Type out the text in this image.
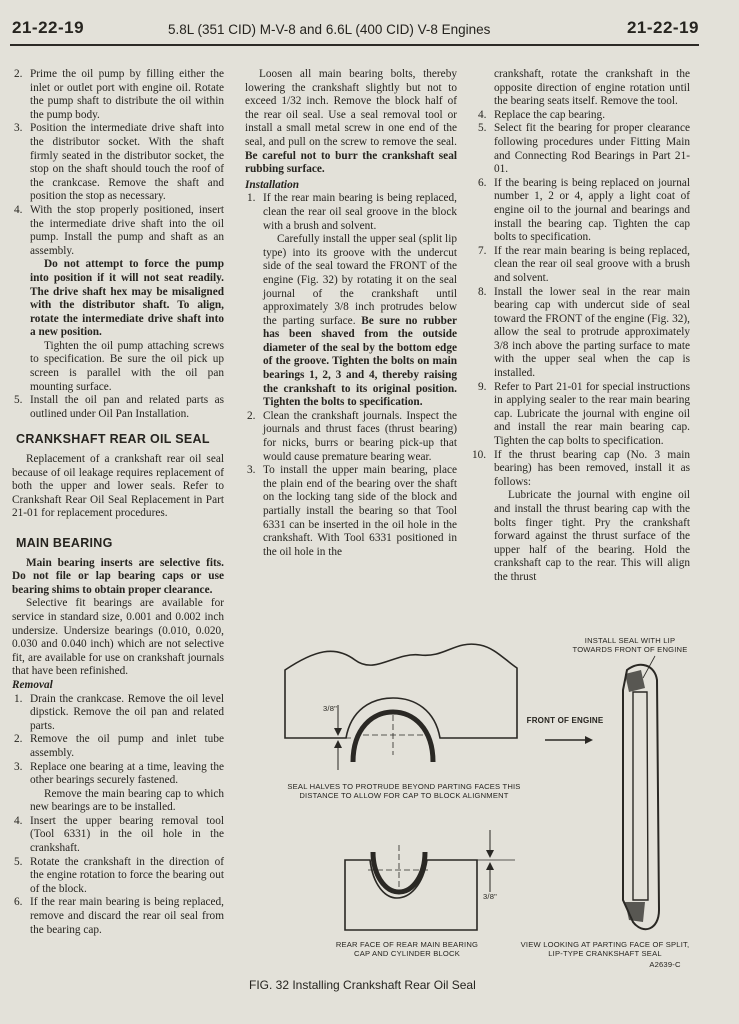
21-22-19	5.8L (351 CID) M-V-8 and 6.6L (400 CID) V-8 Engines	21-22-19
2. Prime the oil pump by filling either the inlet or outlet port with engine oil. Rotate the pump shaft to distribute the oil within the pump body.
3. Position the intermediate drive shaft into the distributor socket. With the shaft firmly seated in the distributor socket, the stop on the shaft should touch the roof of the crankcase. Remove the shaft and position the stop as necessary.
4. With the stop properly positioned, insert the intermediate drive shaft into the oil pump. Install the pump and shaft as an assembly.

Do not attempt to force the pump into position if it will not seat readily. The drive shaft hex may be misaligned with the distributor shaft. To align, rotate the intermediate drive shaft into a new position.

Tighten the oil pump attaching screws to specification. Be sure the oil pick up screen is parallel with the oil pan mounting surface.

5. Install the oil pan and related parts as outlined under Oil Pan Installation.
CRANKSHAFT REAR OIL SEAL

Replacement of a crankshaft rear oil seal because of oil leakage requires replacement of both the upper and lower seals. Refer to Crankshaft Rear Oil Seal Replacement in Part 21-01 for replacement procedures.

MAIN BEARING

Main bearing inserts are selective fits. Do not file or lap bearing caps or use bearing shims to obtain proper clearance.

Selective fit bearings are available for service in standard size, 0.001 and 0.002 inch undersize. Undersize bearings (0.010, 0.020, 0.030 and 0.040 inch) which are not selective fit, are available for use on crankshaft journals that have been refinished.

Removal

1. Drain the crankcase. Remove the oil level dipstick. Remove the oil pan and related parts.
2. Remove the oil pump and inlet tube assembly.
3. Replace one bearing at a time, leaving the other bearings securely fastened.

Remove the main bearing cap to which new bearings are to be installed.

4. Insert the upper bearing removal tool (Tool 6331) in the oil hole in the crankshaft.
5. Rotate the crankshaft in the direction of the engine rotation to force the bearing out of the block.
6. If the rear main bearing is being replaced, remove and discard the rear oil seal from the bearing cap.

Loosen all main bearing bolts, thereby lowering the crankshaft slightly but not to exceed 1/32 inch. Remove the block half of the rear oil seal. Use a seal removal tool or install a small metal screw in one end of the seal, and pull on the screw to remove the seal. Be careful not to burr the crankshaft seal rubbing surface.

Installation

1. If the rear main bearing is being replaced, clean the rear oil seal groove in the block with a brush and solvent.

Carefully install the upper seal (split lip type) into its groove with the undercut side of the seal toward the FRONT of the engine (Fig. 32) by rotating it on the seal journal of the crankshaft until approximately 3/8 inch protrudes below the parting surface. Be sure no rubber has been shaved from the outside diameter of the seal by the bottom edge of the groove. Tighten the bolts on main bearings 1, 2, 3 and 4, thereby raising the crankshaft to its original position. Tighten the bolts to specification.

2. Clean the crankshaft journals. Inspect the journals and thrust faces (thrust bearing) for nicks, burrs or bearing pick-up that would cause premature bearing wear.
3. To install the upper main bearing, place the plain end of the bearing over the shaft on the locking tang side of the block and partially install the bearing so that Tool 6331 can be inserted in the oil hole in the crankshaft. With Tool 6331 positioned in the oil hole in the

crankshaft, rotate the crankshaft in the opposite direction of engine rotation until the bearing seats itself. Remove the tool.

4. Replace the cap bearing.
5. Select fit the bearing for proper clearance following procedures under Fitting Main and Connecting Rod Bearings in Part 21-01.
6. If the bearing is being replaced on journal number 1, 2 or 4, apply a light coat of engine oil to the journal and bearings and install the bearing cap. Tighten the cap bolts to specification.
7. If the rear main bearing is being replaced, clean the rear oil seal groove with a brush and solvent.
8. Install the lower seal in the rear main bearing cap with undercut side of seal toward the FRONT of the engine (Fig. 32), allow the seal to protrude approximately 3/8 inch above the parting surface to mate with the upper seal when the cap is installed.
9. Refer to Part 21-01 for special instructions in applying sealer to the rear main bearing cap. Lubricate the journal with engine oil and install the rear main bearing cap. Tighten the cap bolts to specification.
10. If the thrust bearing cap (No. 3 main bearing) has been removed, install it as follows:

Lubricate the journal with engine oil and install the thrust bearing cap with the bolts finger tight. Pry the crankshaft forward against the thrust surface of the upper half of the bearing. Hold the crankshaft cap to the rear. This will align the thrust

INSTALL SEAL WITH LIP TOWARDS FRONT OF ENGINE
FRONT OF ENGINE
3/8"
SEAL HALVES TO PROTRUDE BEYOND PARTING FACES THIS DISTANCE TO ALLOW FOR CAP TO BLOCK ALIGNMENT
3/8"
REAR FACE OF REAR MAIN BEARING CAP AND CYLINDER BLOCK
VIEW LOOKING AT PARTING FACE OF SPLIT, LIP-TYPE CRANKSHAFT SEAL
A2639-C
FIG. 32 Installing Crankshaft Rear Oil Seal
